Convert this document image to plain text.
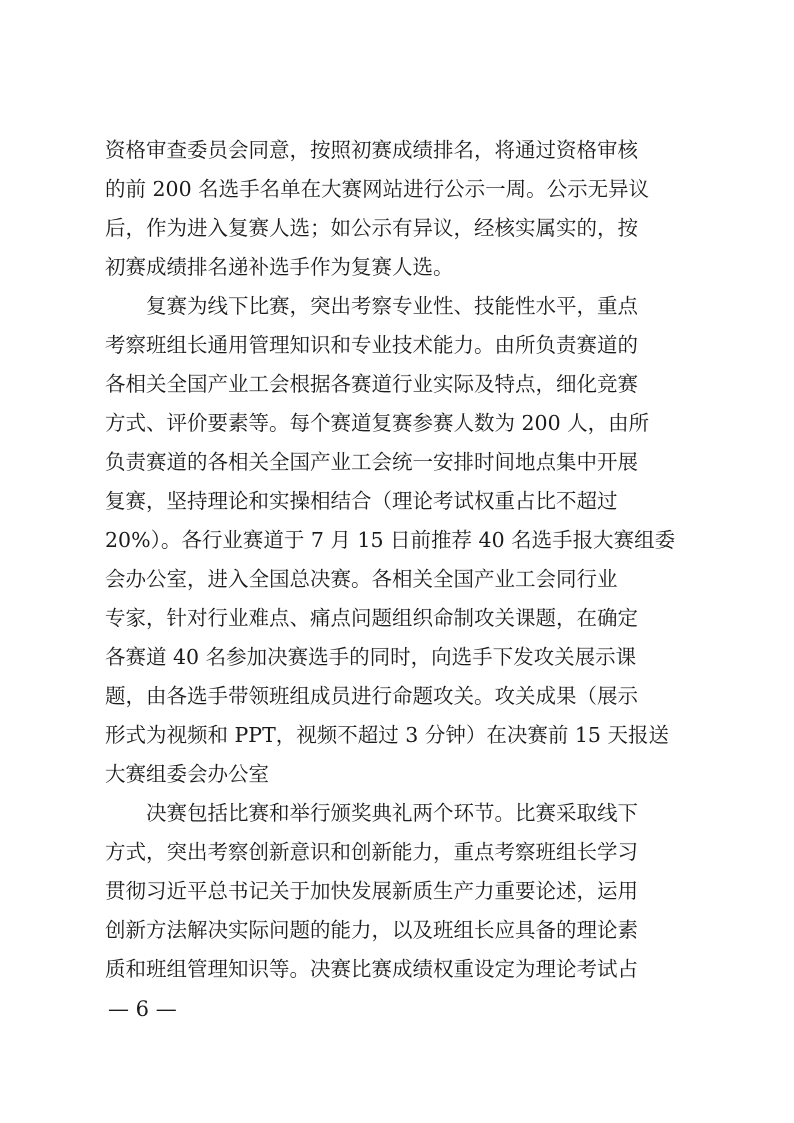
资格审查委员会同意，按照初赛成绩排名，将通过资格审核
的前 200 名选手名单在大赛网站进行公示一周。公示无异议
后，作为进入复赛人选；如公示有异议，经核实属实的，按
初赛成绩排名递补选手作为复赛人选。
复赛为线下比赛，突出考察专业性、技能性水平，重点
考察班组长通用管理知识和专业技术能力。由所负责赛道的
各相关全国产业工会根据各赛道行业实际及特点，细化竞赛
方式、评价要素等。每个赛道复赛参赛人数为 200 人，由所
负责赛道的各相关全国产业工会统一安排时间地点集中开展
复赛，坚持理论和实操相结合（理论考试权重占比不超过
20%）。各行业赛道于 7 月 15 日前推荐 40 名选手报大赛组委
会办公室，进入全国总决赛。各相关全国产业工会同行业
专家，针对行业难点、痛点问题组织命制攻关课题，在确定
各赛道 40 名参加决赛选手的同时，向选手下发攻关展示课
题，由各选手带领班组成员进行命题攻关。攻关成果（展示
形式为视频和 PPT，视频不超过 3 分钟）在决赛前 15 天报送
大赛组委会办公室
决赛包括比赛和举行颁奖典礼两个环节。比赛采取线下
方式，突出考察创新意识和创新能力，重点考察班组长学习
贯彻习近平总书记关于加快发展新质生产力重要论述，运用
创新方法解决实际问题的能力，以及班组长应具备的理论素
质和班组管理知识等。决赛比赛成绩权重设定为理论考试占
— 6 —
